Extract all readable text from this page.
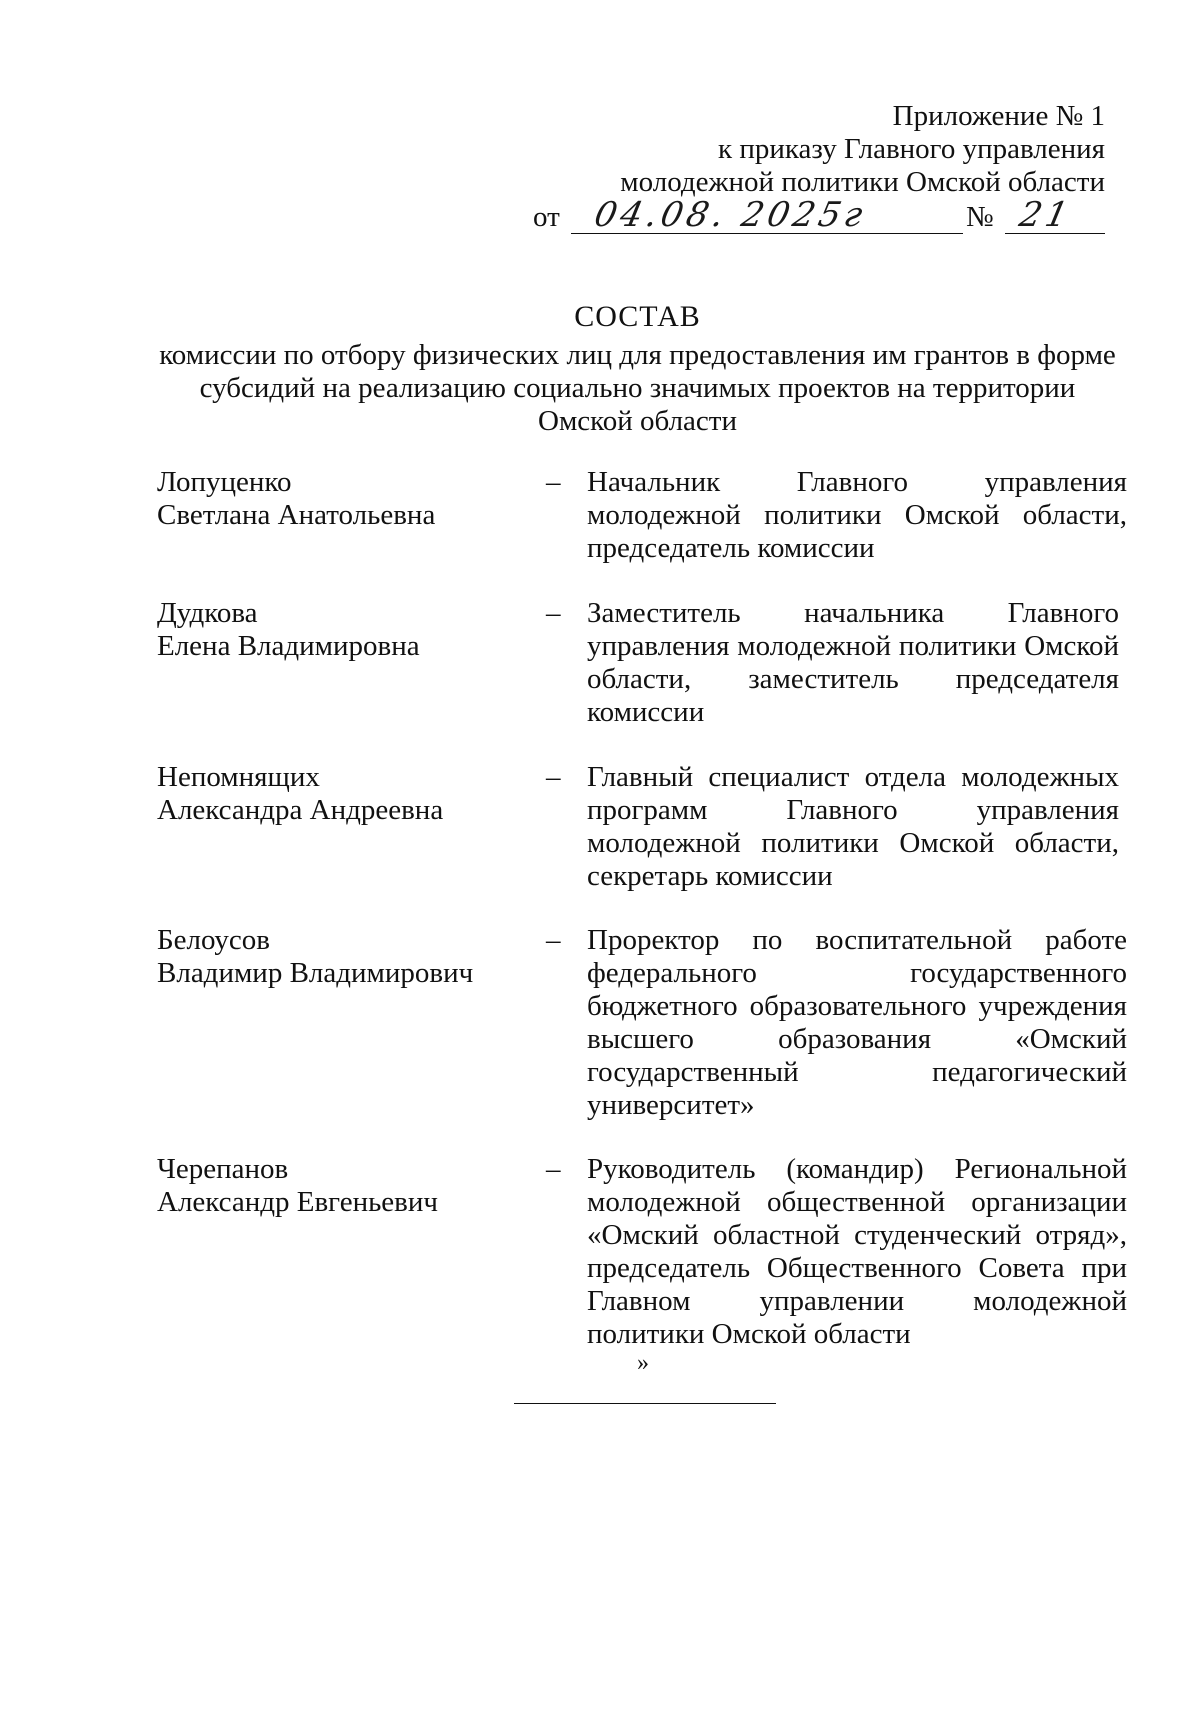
Приложение № 1
к приказу Главного управления
молодежной политики Омской области
от 04.08. 2025г	№ 21
СОСТАВ
комиссии по отбору физических лиц для предоставления им грантов в форме субсидий на реализацию социально значимых проектов на территории Омской области
Лопуценко
Светлана Анатольевна
– Начальник Главного управления молодежной политики Омской области, председатель комиссии
Дудкова
Елена Владимировна
– Заместитель начальника Главного управления молодежной политики Омской области, заместитель председателя комиссии
Непомнящих
Александра Андреевна
– Главный специалист отдела молодежных программ Главного управления молодежной политики Омской области, секретарь комиссии
Белоусов
Владимир Владимирович
– Проректор по воспитательной работе федерального государственного бюджетного образовательного учреждения высшего образования «Омский государственный педагогический университет»
Черепанов
Александр Евгеньевич
– Руководитель (командир) Региональной молодежной общественной организации «Омский областной студенческий отряд», председатель Общественного Совета при Главном управлении молодежной политики Омской области
»
